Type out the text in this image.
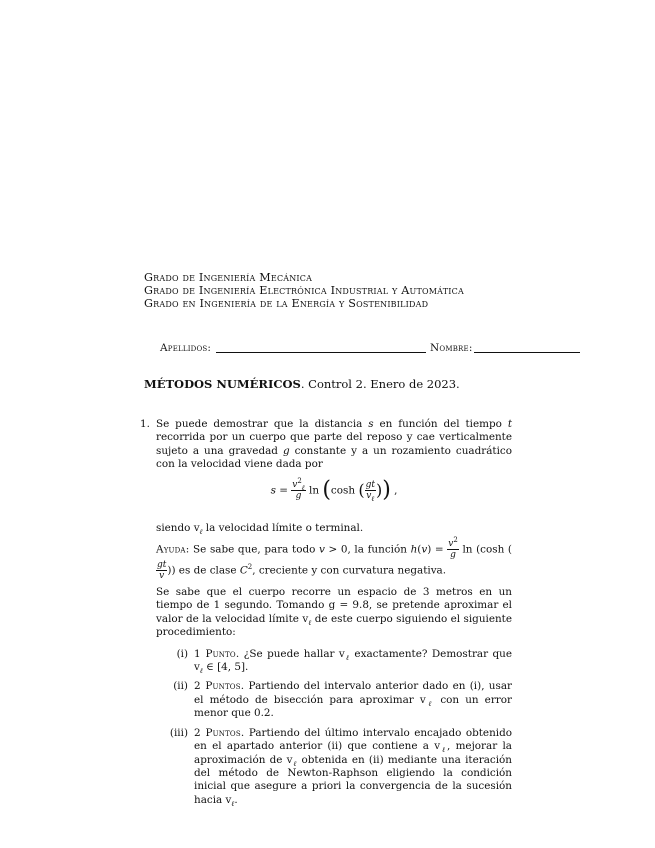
Grado de Ingeniería Mecánica
Grado de Ingeniería Electrónica Industrial y Automática
Grado en Ingeniería de la Energía y Sostenibilidad
Apellidos:	Nombre:
MÉTODOS NUMÉRICOS. Control 2. Enero de 2023.
1. Se puede demostrar que la distancia s en función del tiempo t recorrida por un cuerpo que parte del reposo y cae verticalmente sujeto a una gravedad g constante y a un rozamiento cuadrático con la velocidad viene dada por

$s = \frac{v^2_\ell}{g}$ ln (cosh ( $\frac{gt}{v_\ell}$ )) ,

siendo $v_\ell$ la velocidad límite o terminal.

Ayuda: Se sabe que, para todo v > 0, la función $h(v) = \frac{v^2}{g}$ ln (cosh (
$\frac{gt}{v}$ )) es de clase $C^2$, creciente y con curvatura negativa.

Se sabe que el cuerpo recorre un espacio de 3 metros en un tiempo de 1 segundo. Tomando g = 9.8, se pretende aproximar el valor de la velocidad límite $v_\ell$ de este cuerpo siguiendo el siguiente procedimiento:

(i) 1 Punto. ¿Se puede hallar $v_\ell$ exactamente? Demostrar que $v_\ell$ ∈ [4, 5].
(ii) 2 Puntos. Partiendo del intervalo anterior dado en (i), usar el método de bisección para aproximar $v_\ell$ con un error menor que 0.2.
(iii) 2 Puntos. Partiendo del último intervalo encajado obtenido en el apartado anterior (ii) que contiene a $v_\ell$, mejorar la aproximación de $v_\ell$ obtenida en (ii) mediante una iteración del método de Newton-Raphson eligiendo la condición inicial que asegure a priori la convergencia de la sucesión hacia $v_\ell$.
